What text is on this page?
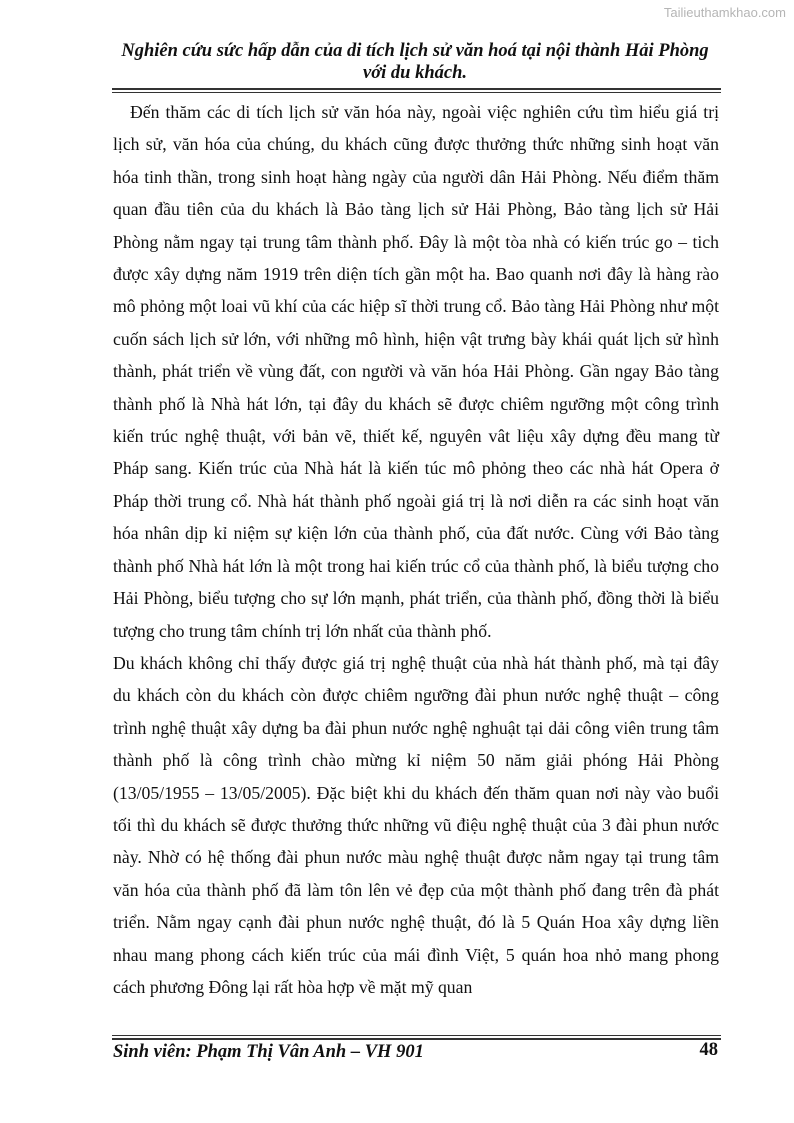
Tailieuthamkhao.com
Nghiên cứu sức hấp dẫn của di tích lịch sử văn hoá tại nội thành Hải Phòng
với du khách.

Đến thăm các di tích lịch sử văn hóa này, ngoài việc nghiên cứu tìm hiểu giá trị lịch sử, văn hóa của chúng, du khách cũng được thưởng thức những sinh hoạt văn hóa tinh thần, trong sinh hoạt hàng ngày của người dân Hải Phòng. Nếu điểm thăm quan đầu tiên của du khách là Bảo tàng lịch sử Hải Phòng, Bảo tàng lịch sử Hải Phòng nằm ngay tại trung tâm thành phố. Đây là một tòa nhà có kiến trúc go – tich được xây dựng năm 1919 trên diện tích gần một ha. Bao quanh nơi đây là hàng rào mô phỏng một loai vũ khí của các hiệp sĩ thời trung cổ. Bảo tàng Hải Phòng như một cuốn sách lịch sử lớn, với những mô hình, hiện vật trưng bày khái quát lịch sử hình thành, phát triển về vùng đất, con người và văn hóa Hải Phòng. Gần ngay Bảo tàng thành phố là Nhà hát lớn, tại đây du khách sẽ được chiêm ngưỡng một công trình kiến trúc nghệ thuật, với bản vẽ, thiết kế, nguyên vât liệu xây dựng đều mang từ Pháp sang. Kiến trúc của Nhà hát là kiến túc mô phỏng theo các nhà hát Opera ở Pháp thời trung cổ. Nhà hát thành phố ngoài giá trị là nơi diễn ra các sinh hoạt văn hóa nhân dịp kỉ niệm sự kiện lớn của thành phố, của đất nước. Cùng với Bảo tàng thành phố Nhà hát lớn là một trong hai kiến trúc cổ của thành phố, là biểu tượng cho Hải Phòng, biểu tượng cho sự lớn mạnh, phát triển, của thành phố, đồng thời là biểu tượng cho trung tâm chính trị lớn nhất của thành phố.

Du khách không chỉ thấy được giá trị nghệ thuật của nhà hát thành phố, mà tại đây du khách còn du khách còn được chiêm ngưỡng đài phun nước nghệ thuật – công trình nghệ thuật xây dựng ba đài phun nước nghệ nghuật tại dải công viên trung tâm thành phố là công trình chào mừng kỉ niệm 50 năm giải phóng Hải Phòng (13/05/1955 – 13/05/2005). Đặc biệt khi du khách đến thăm quan nơi này vào buổi tối thì du khách sẽ được thưởng thức những vũ điệu nghệ thuật của 3 đài phun nước này. Nhờ có hệ thống đài phun nước màu nghệ thuật được nằm ngay tại trung tâm văn hóa của thành phố đã làm tôn lên vẻ đẹp của một thành phố đang trên đà phát triển. Nằm ngay cạnh đài phun nước nghệ thuật, đó là 5 Quán Hoa xây dựng liền nhau mang phong cách kiến trúc của mái đình Việt, 5 quán hoa nhỏ mang phong cách phương Đông lại rất hòa hợp về mặt mỹ quan

Sinh viên: Phạm Thị Vân Anh – VH 901	48
